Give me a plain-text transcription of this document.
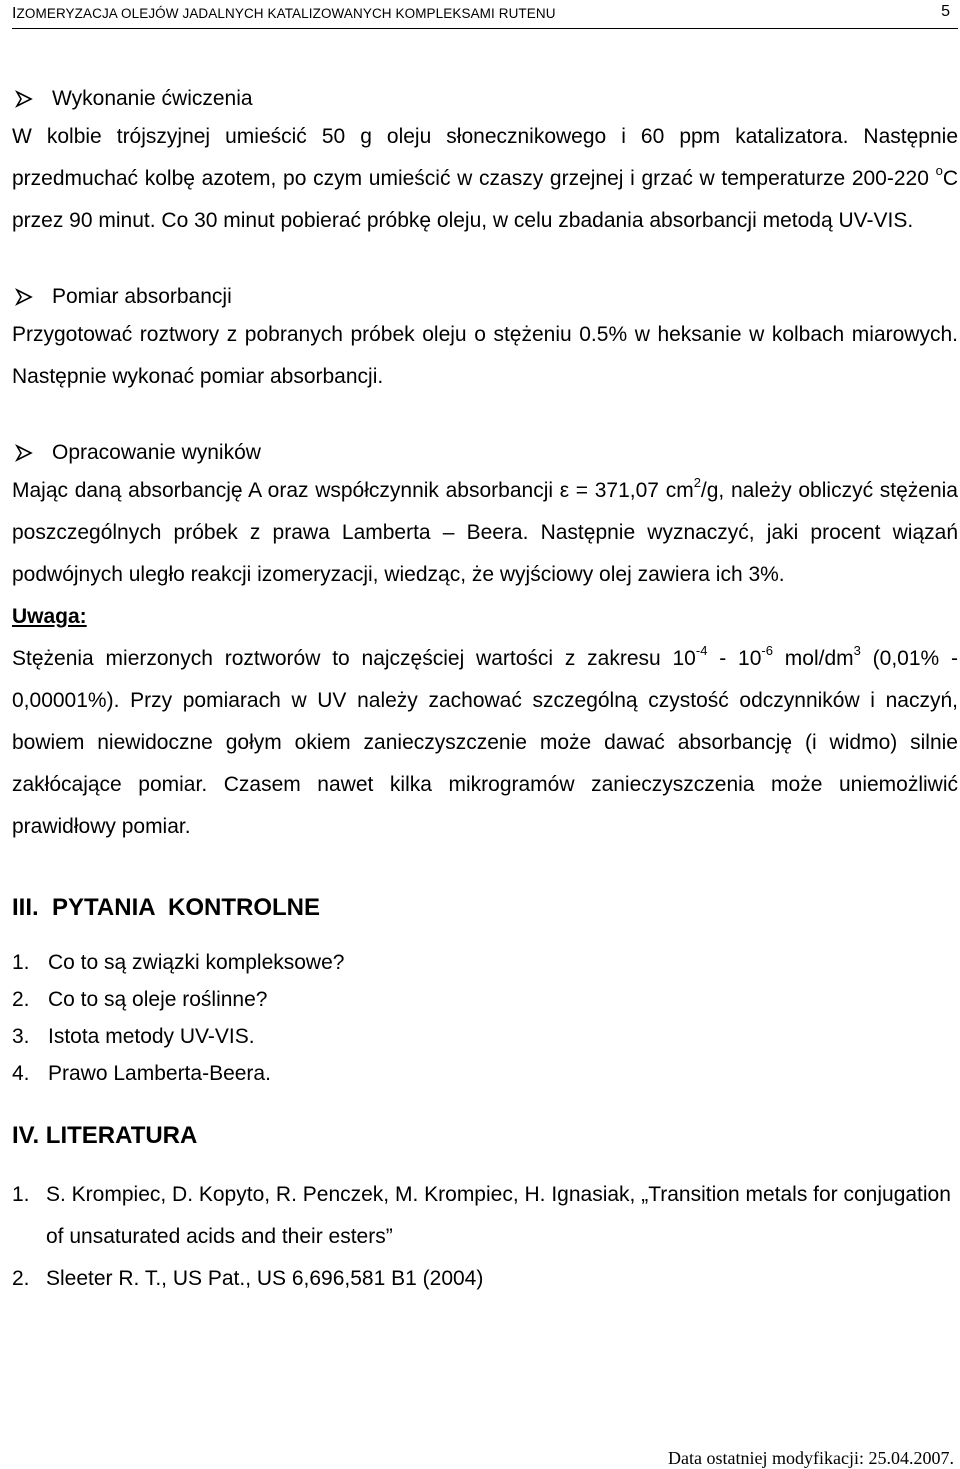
IZOMERYZACJA OLEJÓW JADALNYCH KATALIZOWANYCH KOMPLEKSAMI RUTENU	5
Wykonanie ćwiczenia
W kolbie trójszyjnej umieścić 50 g oleju słonecznikowego i 60 ppm katalizatora. Następnie przedmuchać kolbę azotem, po czym umieścić w czaszy grzejnej i grzać w temperaturze 200-220 $^o$C przez 90 minut. Co 30 minut pobierać próbkę oleju, w celu zbadania absorbancji metodą UV-VIS.
Pomiar absorbancji
Przygotować roztwory z pobranych próbek oleju o stężeniu 0.5% w heksanie w kolbach miarowych. Następnie wykonać pomiar absorbancji.
Opracowanie wyników
Mając daną absorbancję A oraz współczynnik absorbancji ε = 371,07 $cm^2/g$, należy obliczyć stężenia poszczególnych próbek z prawa Lamberta – Beera. Następnie wyznaczyć, jaki procent wiązań podwójnych uległo reakcji izomeryzacji, wiedząc, że wyjściowy olej zawiera ich 3%.
Uwaga:
Stężenia mierzonych roztworów to najczęściej wartości z zakresu $10^{-4} - 10^{-6}$ mol/$dm^3$ (0,01% - 0,00001%). Przy pomiarach w UV należy zachować szczególną czystość odczynników i naczyń, bowiem niewidoczne gołym okiem zanieczyszczenie może dawać absorbancję (i widmo) silnie zakłócające pomiar. Czasem nawet kilka mikrogramów zanieczyszczenia może uniemożliwić prawidłowy pomiar.
III.  PYTANIA  KONTROLNE
1. Co to są związki kompleksowe?
2. Co to są oleje roślinne?
3. Istota metody UV-VIS.
4. Prawo Lamberta-Beera.
IV. LITERATURA
1. S. Krompiec, D. Kopyto, R. Penczek, M. Krompiec, H. Ignasiak, „Transition metals for conjugation of unsaturated acids and their esters”
2. Sleeter R. T., US Pat., US 6,696,581 B1 (2004)
Data ostatniej modyfikacji: 25.04.2007.
